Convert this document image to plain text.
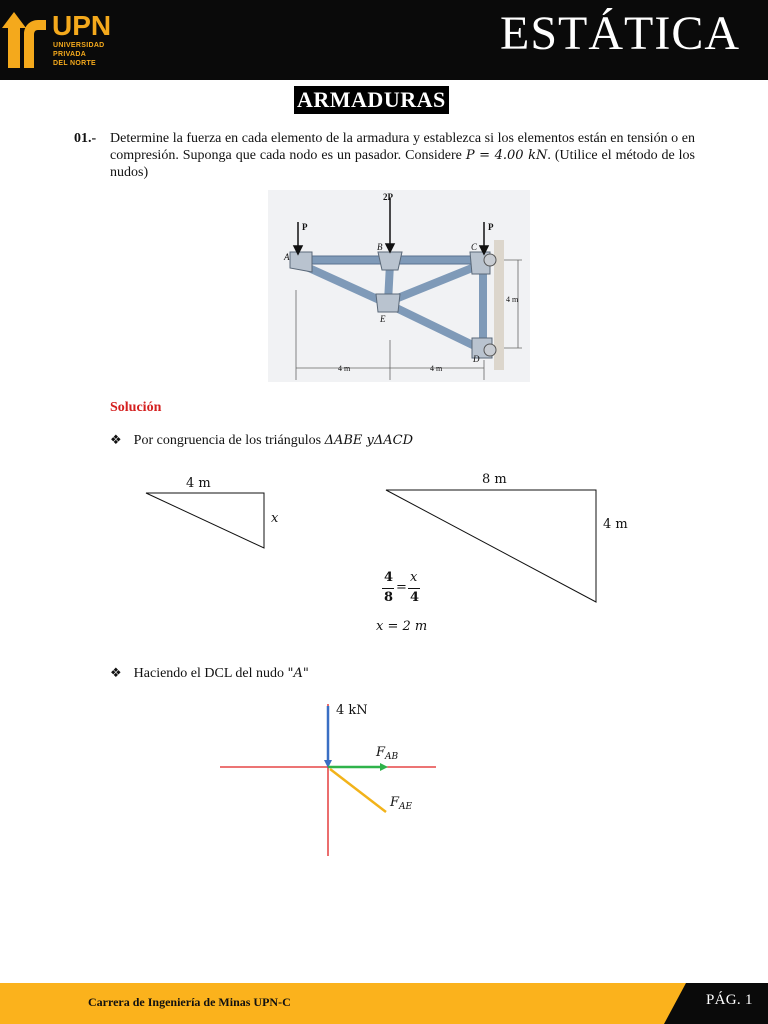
UPN
UNIVERSIDAD
PRIVADA
DEL NORTE
ESTÁTICA
ARMADURAS
01.- Determine la fuerza en cada elemento de la armadura y establezca si los elementos están en tensión o en compresión. Suponga que cada nodo es un pasador. Considere P = 4.00 kN. (Utilice el método de los nudos)
2P
P	P
A
B	C
D
E
4 m
4 m	4 m
Solución
❖ Por congruencia de los triángulos ΔABE yΔACD
4 m
x
8 m
4 m
4
8
=
x
4
x = 2 m
❖ Haciendo el DCL del nudo "A"
4 kN
$F_{AB}$
$F_{AE}$
Carrera de Ingeniería de Minas UPN-C	PÁG. 1
